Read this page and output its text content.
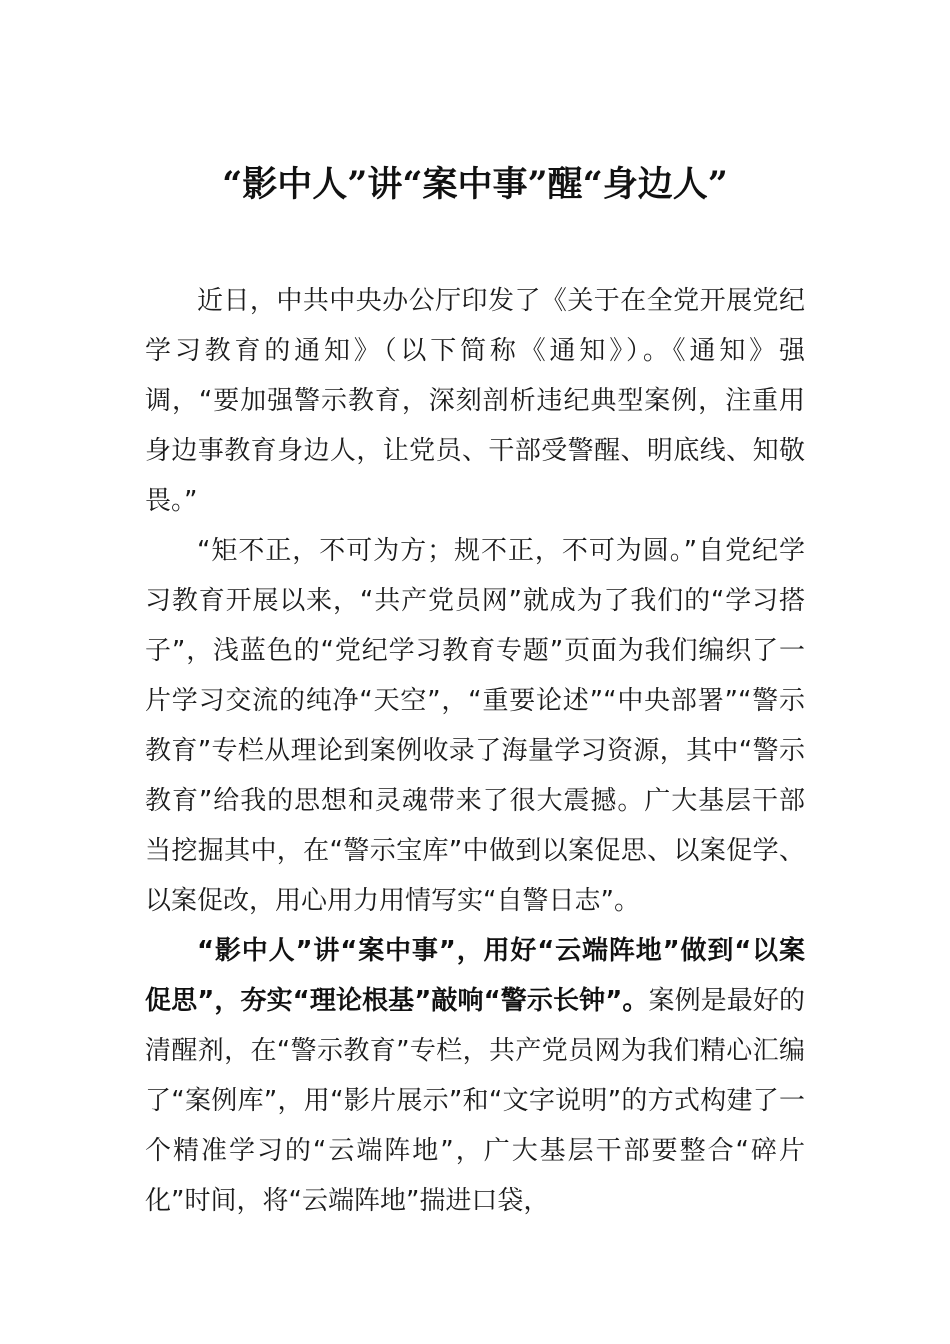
“影中人”讲“案中事”醒“身边人”

近日，中共中央办公厅印发了《关于在全党开展党纪学习教育的通知》（以下简称《通知》）。《通知》强调，“要加强警示教育，深刻剖析违纪典型案例，注重用身边事教育身边人，让党员、干部受警醒、明底线、知敬畏。”

“矩不正，不可为方；规不正，不可为圆。”自党纪学习教育开展以来，“共产党员网”就成为了我们的“学习搭子”，浅蓝色的“党纪学习教育专题”页面为我们编织了一片学习交流的纯净“天空”，“重要论述”“中央部署”“警示教育”专栏从理论到案例收录了海量学习资源，其中“警示教育”给我的思想和灵魂带来了很大震撼。广大基层干部当挖掘其中，在“警示宝库”中做到以案促思、以案促学、以案促改，用心用力用情写实“自警日志”。

“影中人”讲“案中事”，用好“云端阵地”做到“以案促思”，夯实“理论根基”敲响“警示长钟”。案例是最好的清醒剂，在“警示教育”专栏，共产党员网为我们精心汇编了“案例库”，用“影片展示”和“文字说明”的方式构建了一个精准学习的“云端阵地”，广大基层干部要整合“碎片化”时间，将“云端阵地”揣进口袋，
